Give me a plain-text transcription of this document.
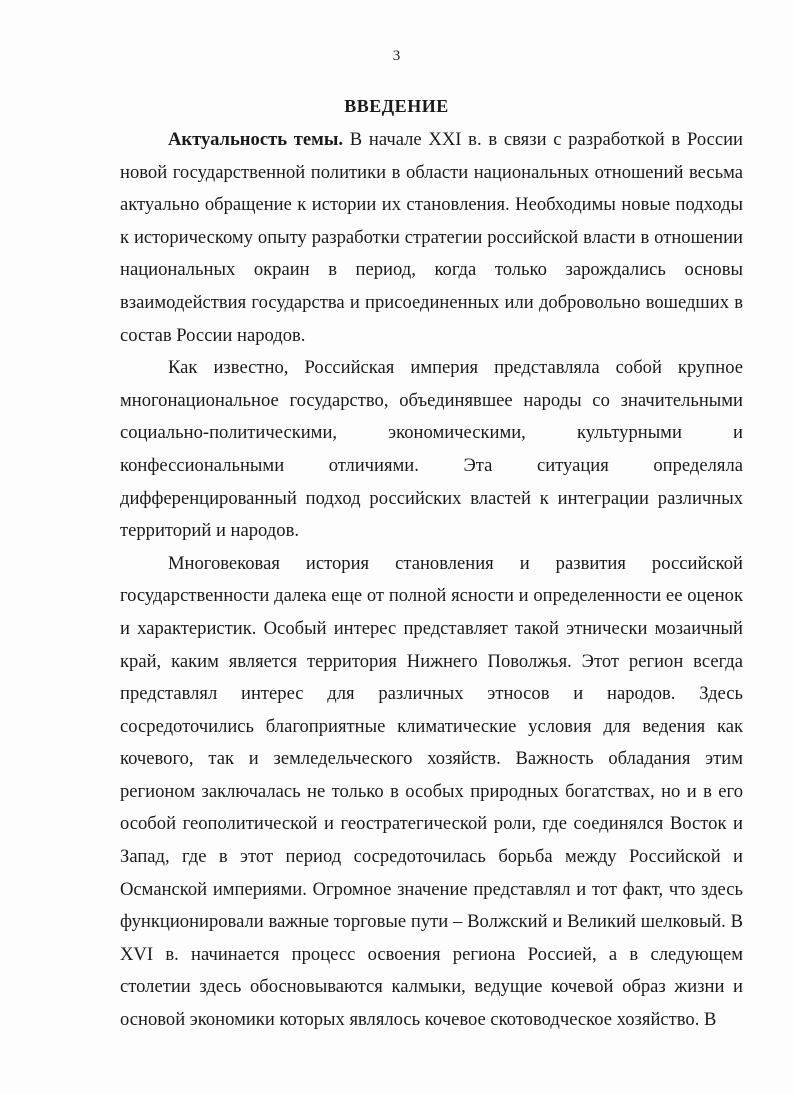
3
ВВЕДЕНИЕ

Актуальность темы. В начале XXI в. в связи с разработкой в России новой государственной политики в области национальных отношений весьма актуально обращение к истории их становления. Необходимы новые подходы к историческому опыту разработки стратегии российской власти в отношении национальных окраин в период, когда только зарождались основы взаимодействия государства и присоединенных или добровольно вошедших в состав России народов.

Как известно, Российская империя представляла собой крупное многонациональное государство, объединявшее народы со значительными социально-политическими, экономическими, культурными и конфессиональными отличиями. Эта ситуация определяла дифференцированный подход российских властей к интеграции различных территорий и народов.

Многовековая история становления и развития российской государственности далека еще от полной ясности и определенности ее оценок и характеристик. Особый интерес представляет такой этнически мозаичный край, каким является территория Нижнего Поволжья. Этот регион всегда представлял интерес для различных этносов и народов. Здесь сосредоточились благоприятные климатические условия для ведения как кочевого, так и земледельческого хозяйств. Важность обладания этим регионом заключалась не только в особых природных богатствах, но и в его особой геополитической и геостратегической роли, где соединялся Восток и Запад, где в этот период сосредоточилась борьба между Российской и Османской империями. Огромное значение представлял и тот факт, что здесь функционировали важные торговые пути – Волжский и Великий шелковый. В XVI в. начинается процесс освоения региона Россией, а в следующем столетии здесь обосновываются калмыки, ведущие кочевой образ жизни и основой экономики которых являлось кочевое скотоводческое хозяйство. В
